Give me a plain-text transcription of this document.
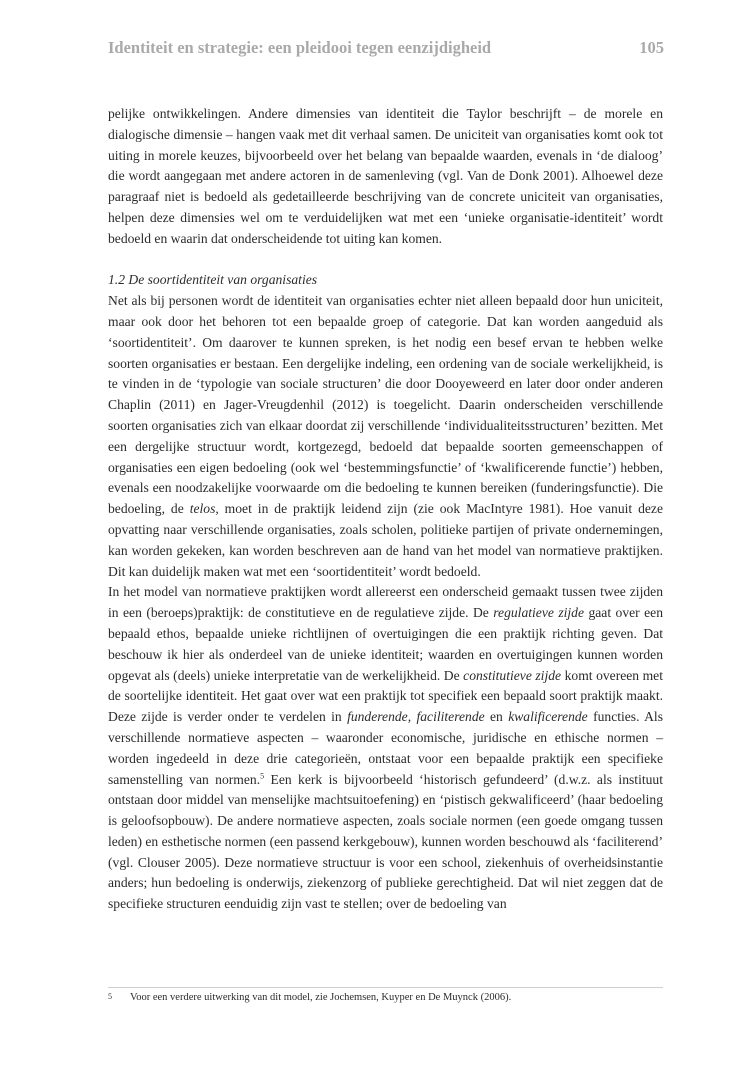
Identiteit en strategie: een pleidooi tegen eenzijdigheid	105

pelijke ontwikkelingen. Andere dimensies van identiteit die Taylor beschrijft – de morele en dialogische dimensie – hangen vaak met dit verhaal samen. De uniciteit van organisaties komt ook tot uiting in morele keuzes, bijvoorbeeld over het belang van bepaalde waarden, evenals in ‘de dialoog’ die wordt aangegaan met andere actoren in de samenleving (vgl. Van de Donk 2001). Alhoewel deze paragraaf niet is bedoeld als gedetailleerde beschrijving van de concrete uniciteit van organisaties, helpen deze dimensies wel om te verduidelijken wat met een ‘unieke organisatie-identiteit’ wordt bedoeld en waarin dat onderscheidende tot uiting kan komen.

1.2 De soortidentiteit van organisaties

Net als bij personen wordt de identiteit van organisaties echter niet alleen bepaald door hun uniciteit, maar ook door het behoren tot een bepaalde groep of categorie. Dat kan worden aangeduid als ‘soortidentiteit’. Om daarover te kunnen spreken, is het nodig een besef ervan te hebben welke soorten organisaties er bestaan. Een dergelijke indeling, een ordening van de sociale werkelijkheid, is te vinden in de ‘typologie van sociale structuren’ die door Dooyeweerd en later door onder anderen Chaplin (2011) en Jager-Vreugdenhil (2012) is toegelicht. Daarin onderscheiden verschillende soorten organisaties zich van elkaar doordat zij verschillende ‘individualiteitsstructuren’ bezitten. Met een dergelijke structuur wordt, kortgezegd, bedoeld dat bepaalde soorten gemeenschappen of organisaties een eigen bedoeling (ook wel ‘bestemmingsfunctie’ of ‘kwalificerende functie’) hebben, evenals een noodzakelijke voorwaarde om die bedoeling te kunnen bereiken (funderingsfunctie). Die bedoeling, de telos, moet in de praktijk leidend zijn (zie ook MacIntyre 1981). Hoe vanuit deze opvatting naar verschillende organisaties, zoals scholen, politieke partijen of private ondernemingen, kan worden gekeken, kan worden beschreven aan de hand van het model van normatieve praktijken. Dit kan duidelijk maken wat met een ‘soortidentiteit’ wordt bedoeld.

In het model van normatieve praktijken wordt allereerst een onderscheid gemaakt tussen twee zijden in een (beroeps)praktijk: de constitutieve en de regulatieve zijde. De regulatieve zijde gaat over een bepaald ethos, bepaalde unieke richtlijnen of overtuigingen die een praktijk richting geven. Dat beschouw ik hier als onderdeel van de unieke identiteit; waarden en overtuigingen kunnen worden opgevat als (deels) unieke interpretatie van de werkelijkheid. De constitutieve zijde komt overeen met de soortelijke identiteit. Het gaat over wat een praktijk tot specifiek een bepaald soort praktijk maakt. Deze zijde is verder onder te verdelen in funderende, faciliterende en kwalificerende functies. Als verschillende normatieve aspecten – waaronder economische, juridische en ethische normen – worden ingedeeld in deze drie categorieën, ontstaat voor een bepaalde praktijk een specifieke samenstelling van normen.$^5$ Een kerk is bijvoorbeeld ‘historisch gefundeerd’ (d.w.z. als instituut ontstaan door middel van menselijke machtsuitoefening) en ‘pistisch gekwalificeerd’ (haar bedoeling is geloofsopbouw). De andere normatieve aspecten, zoals sociale normen (een goede omgang tussen leden) en esthetische normen (een passend kerkgebouw), kunnen worden beschouwd als ‘faciliterend’ (vgl. Clouser 2005). Deze normatieve structuur is voor een school, ziekenhuis of overheidsinstantie anders; hun bedoeling is onderwijs, ziekenzorg of publieke gerechtigheid. Dat wil niet zeggen dat de specifieke structuren eenduidig zijn vast te stellen; over de bedoeling van

5 Voor een verdere uitwerking van dit model, zie Jochemsen, Kuyper en De Muynck (2006).
